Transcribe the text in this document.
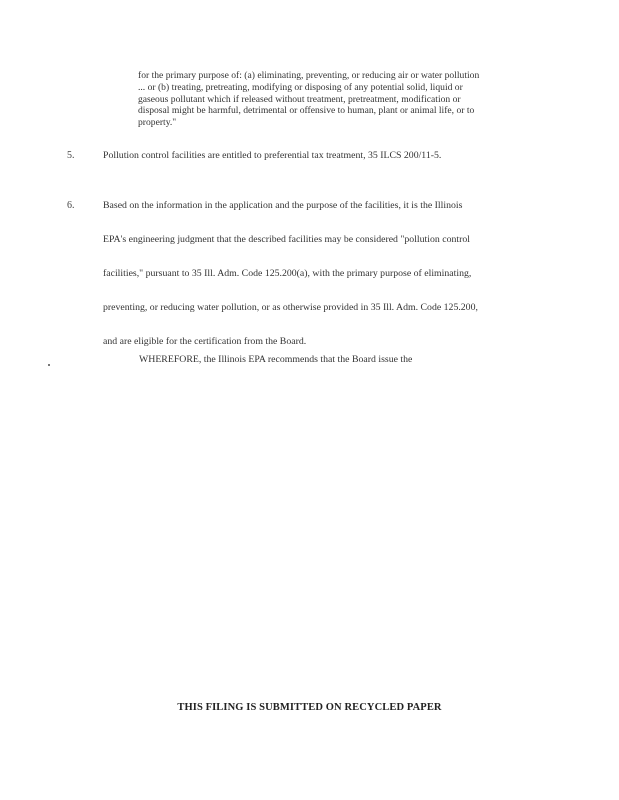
for the primary purpose of: (a) eliminating, preventing, or reducing air or water pollution
... or (b) treating, pretreating, modifying or disposing of any potential solid, liquid or
gaseous pollutant which if released without treatment, pretreatment, modification or
disposal might be harmful, detrimental or offensive to human, plant or animal life, or to
property."
5.	Pollution control facilities are entitled to preferential tax treatment, 35 ILCS 200/11-5.
6.	Based on the information in the application and the purpose of the facilities, it is the Illinois
EPA's engineering judgment that the described facilities may be considered "pollution control
facilities," pursuant to 35 Ill. Adm. Code 125.200(a), with the primary purpose of eliminating,
preventing, or reducing water pollution, or as otherwise provided in 35 Ill. Adm. Code 125.200,
and are eligible for the certification from the Board.
WHEREFORE, the Illinois EPA recommends that the Board issue the
THIS FILING IS SUBMITTED ON RECYCLED PAPER
